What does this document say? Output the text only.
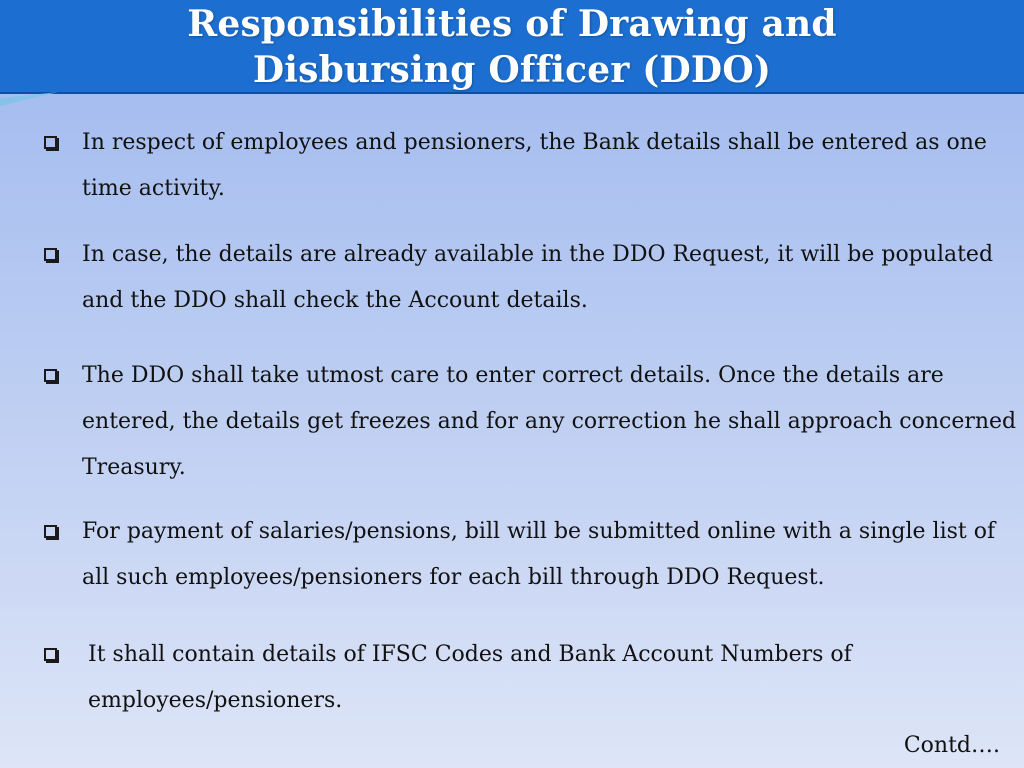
Responsibilities of Drawing and
Disbursing Officer (DDO)
In respect of employees and pensioners, the Bank details shall be entered as one
time activity.
In case, the details are already available in the DDO Request, it will be populated
and the DDO shall check the Account details.
The DDO shall take utmost care to enter correct details. Once the details are
entered, the details get freezes and for any correction he shall approach concerned
Treasury.
For payment of salaries/pensions, bill will be submitted online with a single list of
all such employees/pensioners for each bill through DDO Request.
It shall contain details of IFSC Codes and Bank Account Numbers of
employees/pensioners.
Contd….
